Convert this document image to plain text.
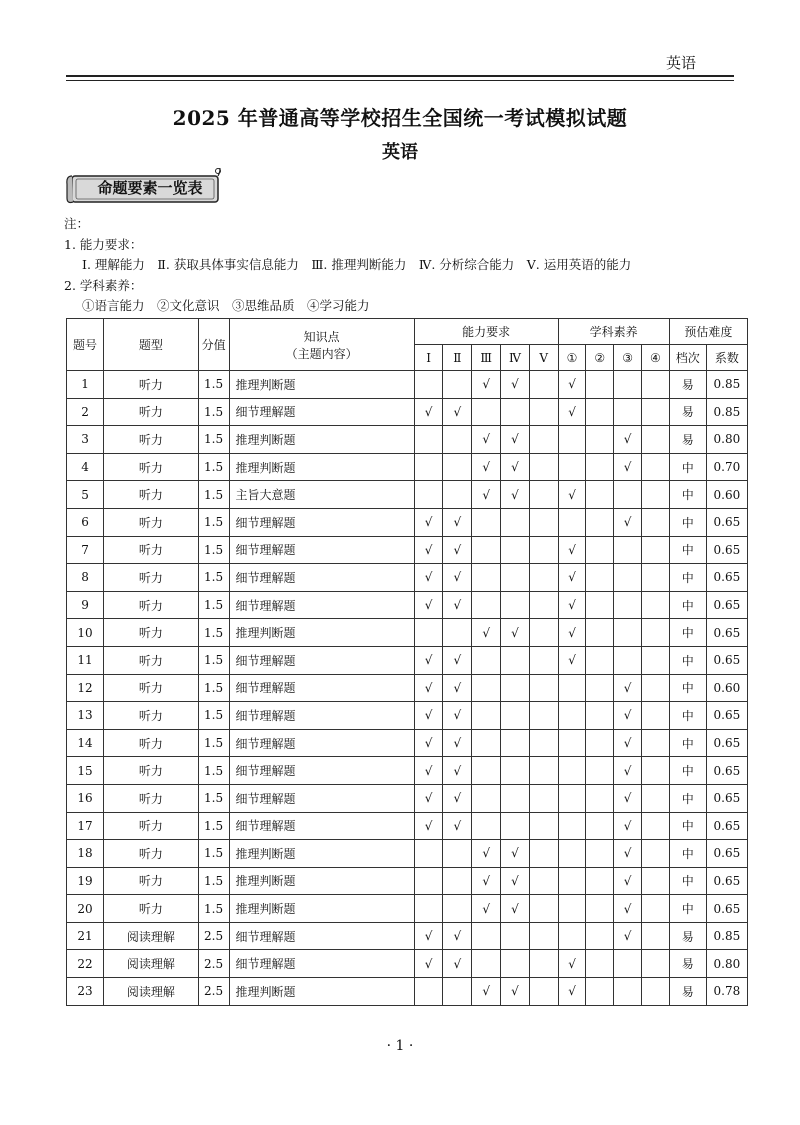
英语
2025 年普通高等学校招生全国统一考试模拟试题
英语
命题要素一览表
注：
1. 能力要求：
Ⅰ. 理解能力　Ⅱ. 获取具体事实信息能力　Ⅲ. 推理判断能力　Ⅳ. 分析综合能力　Ⅴ. 运用英语的能力
2. 学科素养：
①语言能力　②文化意识　③思维品质　④学习能力
题号	题型	分值	知识点
（主题内容）	能力要求					学科素养				预估难度	
				Ⅰ	Ⅱ	Ⅲ	Ⅳ	Ⅴ	①	②	③	④	档次	系数
1	听力	1.5	推理判断题			√	√		√				易	0.85
2	听力	1.5	细节理解题	√	√				√				易	0.85
3	听力	1.5	推理判断题			√	√				√		易	0.80
4	听力	1.5	推理判断题			√	√				√		中	0.70
5	听力	1.5	主旨大意题			√	√		√				中	0.60
6	听力	1.5	细节理解题	√	√						√		中	0.65
7	听力	1.5	细节理解题	√	√				√				中	0.65
8	听力	1.5	细节理解题	√	√				√				中	0.65
9	听力	1.5	细节理解题	√	√				√				中	0.65
10	听力	1.5	推理判断题			√	√		√				中	0.65
11	听力	1.5	细节理解题	√	√				√				中	0.65
12	听力	1.5	细节理解题	√	√						√		中	0.60
13	听力	1.5	细节理解题	√	√						√		中	0.65
14	听力	1.5	细节理解题	√	√						√		中	0.65
15	听力	1.5	细节理解题	√	√						√		中	0.65
16	听力	1.5	细节理解题	√	√						√		中	0.65
17	听力	1.5	细节理解题	√	√						√		中	0.65
18	听力	1.5	推理判断题			√	√				√		中	0.65
19	听力	1.5	推理判断题			√	√				√		中	0.65
20	听力	1.5	推理判断题			√	√				√		中	0.65
21	阅读理解	2.5	细节理解题	√	√						√		易	0.85
22	阅读理解	2.5	细节理解题	√	√				√				易	0.80
23	阅读理解	2.5	推理判断题			√	√		√				易	0.78
· 1 ·
